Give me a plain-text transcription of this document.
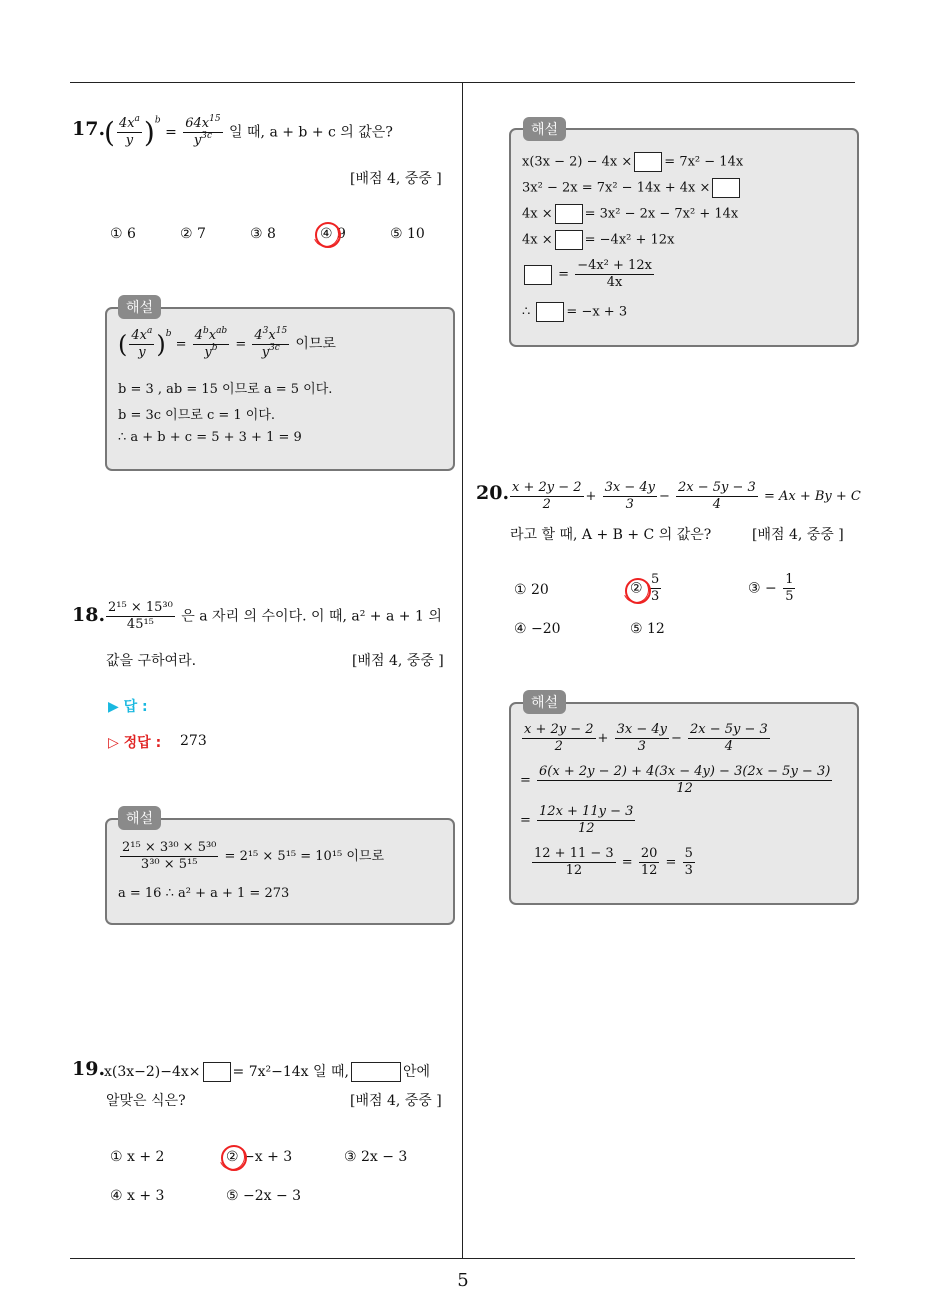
17.
( $\frac{4x^a}{y} )^b = \frac{64x^{15}}{y^{3c}}$ 일 때, a + b + c 의 값은?
[배점 4, 중중 ]
① 6	② 7	③ 8	④ 9	⑤ 10
해설
( $\frac{4x^a}{y} )^b = \frac{4^bx^{ab}}{y^b} = \frac{4^3x^{15}}{y^{3c}}$ 이므로
b = 3 , ab = 15 이므로 a = 5 이다.
b = 3c 이므로 c = 1 이다.
∴ a + b + c = 5 + 3 + 1 = 9
18. $\frac{\text{2¹⁵ × 15³⁰}}{\text{45¹⁵}}$ 은 a 자리 의 수이다. 이 때, a² + a + 1 의
값을 구하여라.	[배점 4, 중중 ]
▶ 답 :
▷ 정답 : 273
해설
$\frac{\text{2¹⁵ × 3³⁰ × 5³⁰}}{\text{3³⁰ × 5¹⁵}} = 2^{15} \times 5^{15} = 10^{15}$ 이므로
a = 16 ∴ a² + a + 1 = 273
19.
x(3x−2)−4x× = 7x²−14x 일 때,	안에
알맞은 식은?	[배점 4, 중중 ]
① x + 2	② −x + 3	③ 2x − 3
④ x + 3	⑤ −2x − 3
해설
x(3x − 2) − 4x × = 7x² − 14x
3x² − 2x = 7x² − 14x + 4x ×
4x × = 3x² − 2x − 7x² + 14x
4x × = −4x² + 12x
= $\frac{\text{−4x² + 12x}}{4x}$
∴	= −x + 3
20. $\frac{x + 2y - 2}{2} + \frac{3x - 4y}{3} - \frac{2x - 5y - 3}{4} = Ax + By + C$
라고 할 때, A + B + C 의 값은?	[배점 4, 중중 ]
① 20	② $\frac{5}{3}$	③ − $\frac{1}{5}$
④ −20	⑤ 12
해설
$\frac{x + 2y - 2}{2} + \frac{3x - 4y}{3} - \frac{2x - 5y - 3}{4}$
= $\frac{6(x + 2y - 2) + 4(3x - 4y) - 3(2x - 5y - 3)}{12}$
= $\frac{12x + 11y - 3}{12}$
$\frac{12 + 11 - 3}{12} = \frac{20}{12} = \frac{5}{3}$
5
